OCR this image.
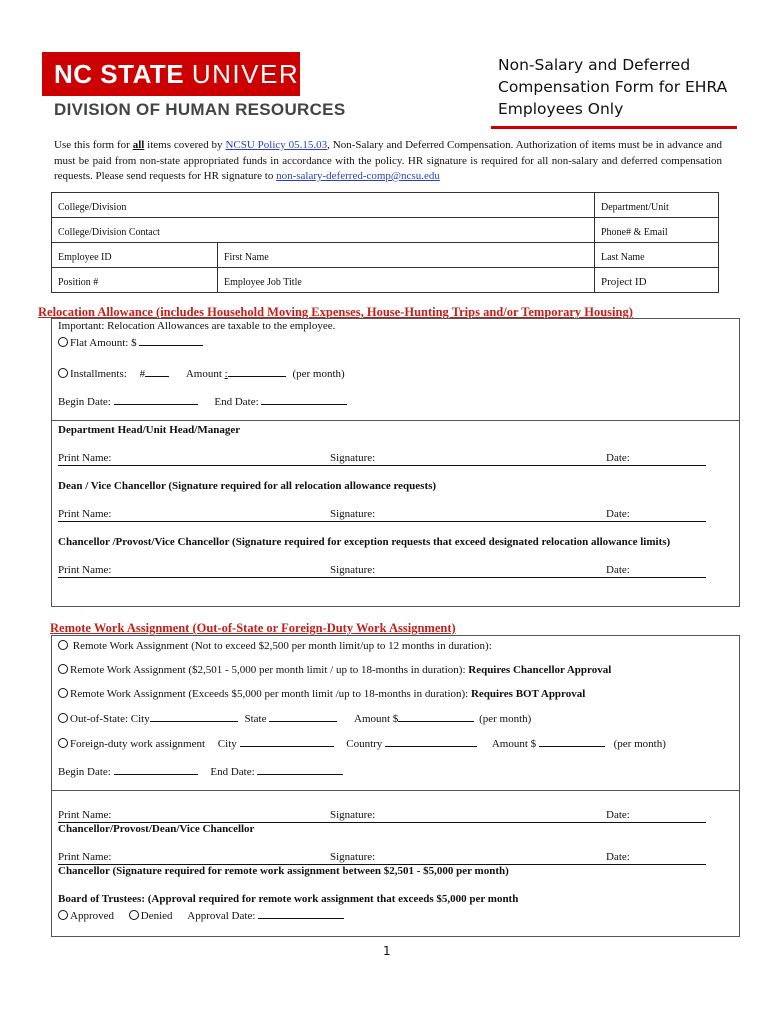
NC STATE UNIVERSITY
DIVISION OF HUMAN RESOURCES
Non-Salary and Deferred
Compensation Form for EHRA
Employees Only
Use this form for all items covered by NCSU Policy 05.15.03, Non-Salary and Deferred Compensation. Authorization of items must be in advance and must be paid from non-state appropriated funds in accordance with the policy. HR signature is required for all non-salary and deferred compensation requests. Please send requests for HR signature to non-salary-deferred-comp@ncsu.edu
College/Division		Department/Unit
College/Division Contact		Phone# & Email
Employee ID	First Name	Last Name
Position #	Employee Job Title	Project ID
Relocation Allowance (includes Household Moving Expenses, House-Hunting Trips and/or Temporary Housing)
Important: Relocation Allowances are taxable to the employee.
Flat Amount: $
Installments: #	Amount :	(per month)
Begin Date:	End Date:
Department Head/Unit Head/Manager
Print Name:	Signature:	Date:
Dean / Vice Chancellor (Signature required for all relocation allowance requests)
Print Name:	Signature:	Date:
Chancellor /Provost/Vice Chancellor (Signature required for exception requests that exceed designated relocation allowance limits)
Print Name:	Signature:	Date:
Remote Work Assignment (Out-of-State or Foreign-Duty Work Assignment)
Remote Work Assignment (Not to exceed $2,500 per month limit/up to 12 months in duration):
Remote Work Assignment ($2,501 - 5,000 per month limit / up to 18-months in duration): Requires Chancellor Approval
Remote Work Assignment (Exceeds $5,000 per month limit /up to 18-months in duration): Requires BOT Approval
Out-of-State: City	State	Amount $	(per month)
Foreign-duty work assignment City	Country	Amount $	(per month)
Begin Date:	End Date:
Print Name:	Signature:	Date:
Chancellor/Provost/Dean/Vice Chancellor
Print Name:	Signature:	Date:
Chancellor (Signature required for remote work assignment between $2,501 - $5,000 per month)
Board of Trustees: (Approval required for remote work assignment that exceeds $5,000 per month
Approved Denied Approval Date:
1
